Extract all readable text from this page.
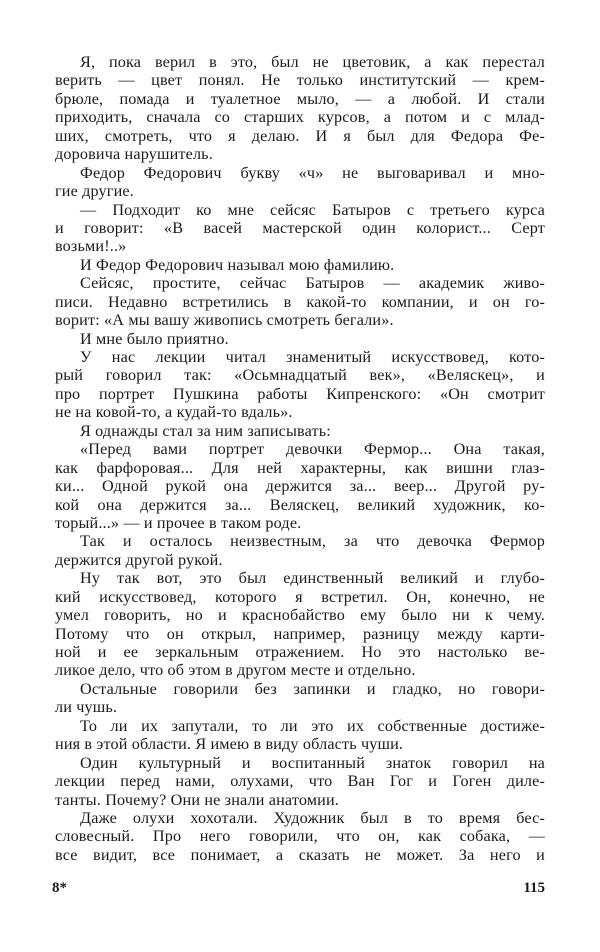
Я, пока верил в это, был не цветовик, а как перестал
верить — цвет понял. Не только институтский — крем-
брюле, помада и туалетное мыло, — а любой. И стали
приходить, сначала со старших курсов, а потом и с млад-
ших, смотреть, что я делаю. И я был для Федора Фе-
доровича нарушитель.
Федор Федорович букву «ч» не выговаривал и мно-
гие другие.
— Подходит ко мне сейсяс Батыров с третьего курса
и говорит: «В васей мастерской один колорист... Серт
возьми!..»
И Федор Федорович называл мою фамилию.
Сейсяс, простите, сейчас Батыров — академик живо-
писи. Недавно встретились в какой-то компании, и он го-
ворит: «А мы вашу живопись смотреть бегали».
И мне было приятно.
У нас лекции читал знаменитый искусствовед, кото-
рый говорил так: «Осьмнадцатый век», «Веляскец», и
про портрет Пушкина работы Кипренского: «Он смотрит
не на ковой-то, а кудай-то вдаль».
Я однажды стал за ним записывать:
«Перед вами портрет девочки Фермор... Она такая,
как фарфоровая... Для ней характерны, как вишни глаз-
ки... Одной рукой она держится за... веер... Другой ру-
кой она держится за... Веляскец, великий художник, ко-
торый...» — и прочее в таком роде.
Так и осталось неизвестным, за что девочка Фермор
держится другой рукой.
Ну так вот, это был единственный великий и глубо-
кий искусствовед, которого я встретил. Он, конечно, не
умел говорить, но и краснобайство ему было ни к чему.
Потому что он открыл, например, разницу между карти-
ной и ее зеркальным отражением. Но это настолько ве-
ликое дело, что об этом в другом месте и отдельно.
Остальные говорили без запинки и гладко, но говори-
ли чушь.
То ли их запутали, то ли это их собственные достиже-
ния в этой области. Я имею в виду область чуши.
Один культурный и воспитанный знаток говорил на
лекции перед нами, олухами, что Ван Гог и Гоген диле-
танты. Почему? Они не знали анатомии.
Даже олухи хохотали. Художник был в то время бес-
словесный. Про него говорили, что он, как собака, —
все видит, все понимает, а сказать не может. За него и
8*	115
